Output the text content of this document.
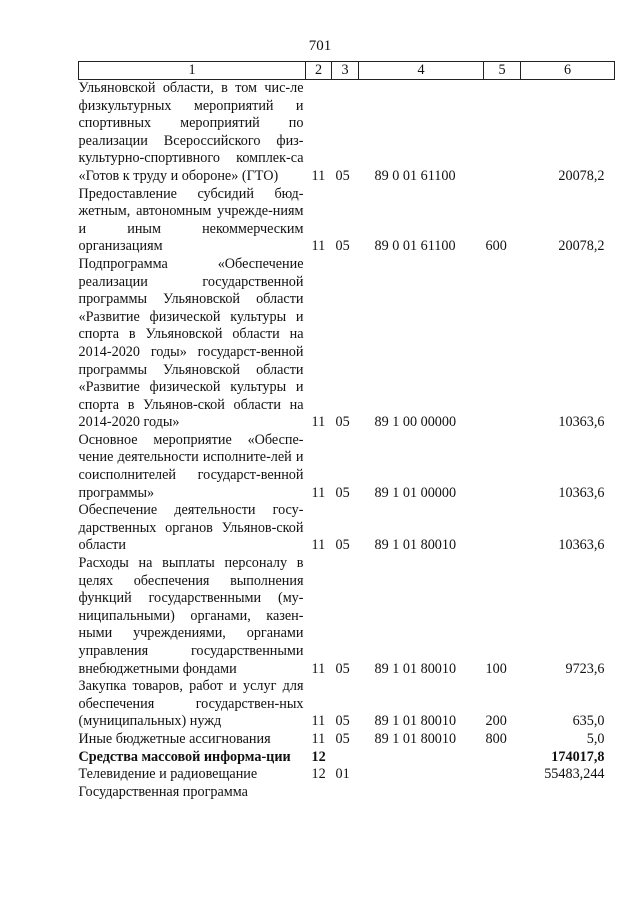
701
1	2	3	4	5	6
Ульяновской области, в том чис-ле физкультурных мероприятий и спортивных мероприятий по реализации Всероссийского физ-культурно-спортивного комплек-са «Готов к труду и обороне» (ГТО)	11	05	89 0 01 61100		20078,2
Предоставление субсидий бюд-жетным, автономным учрежде-ниям и иным некоммерческим организациям	11	05	89 0 01 61100	600	20078,2
Подпрограмма «Обеспечение реализации государственной программы Ульяновской области «Развитие физической культуры и спорта в Ульяновской области на 2014-2020 годы» государст-венной программы Ульяновской области «Развитие физической культуры и спорта в Ульянов-ской области на 2014-2020 годы»	11	05	89 1 00 00000		10363,6
Основное мероприятие «Обеспе-чение деятельности исполните-лей и соисполнителей государст-венной программы»	11	05	89 1 01 00000		10363,6
Обеспечение деятельности госу-дарственных органов Ульянов-ской области	11	05	89 1 01 80010		10363,6
Расходы на выплаты персоналу в целях обеспечения выполнения функций государственными (му-ниципальными) органами, казен-ными учреждениями, органами управления государственными внебюджетными фондами	11	05	89 1 01 80010	100	9723,6
Закупка товаров, работ и услуг для обеспечения государствен-ных (муниципальных) нужд	11	05	89 1 01 80010	200	635,0
Иные бюджетные ассигнования	11	05	89 1 01 80010	800	5,0
Средства массовой информа-ции	12				174017,8
Телевидение и радиовещание	12	01			55483,244
Государственная программа					
